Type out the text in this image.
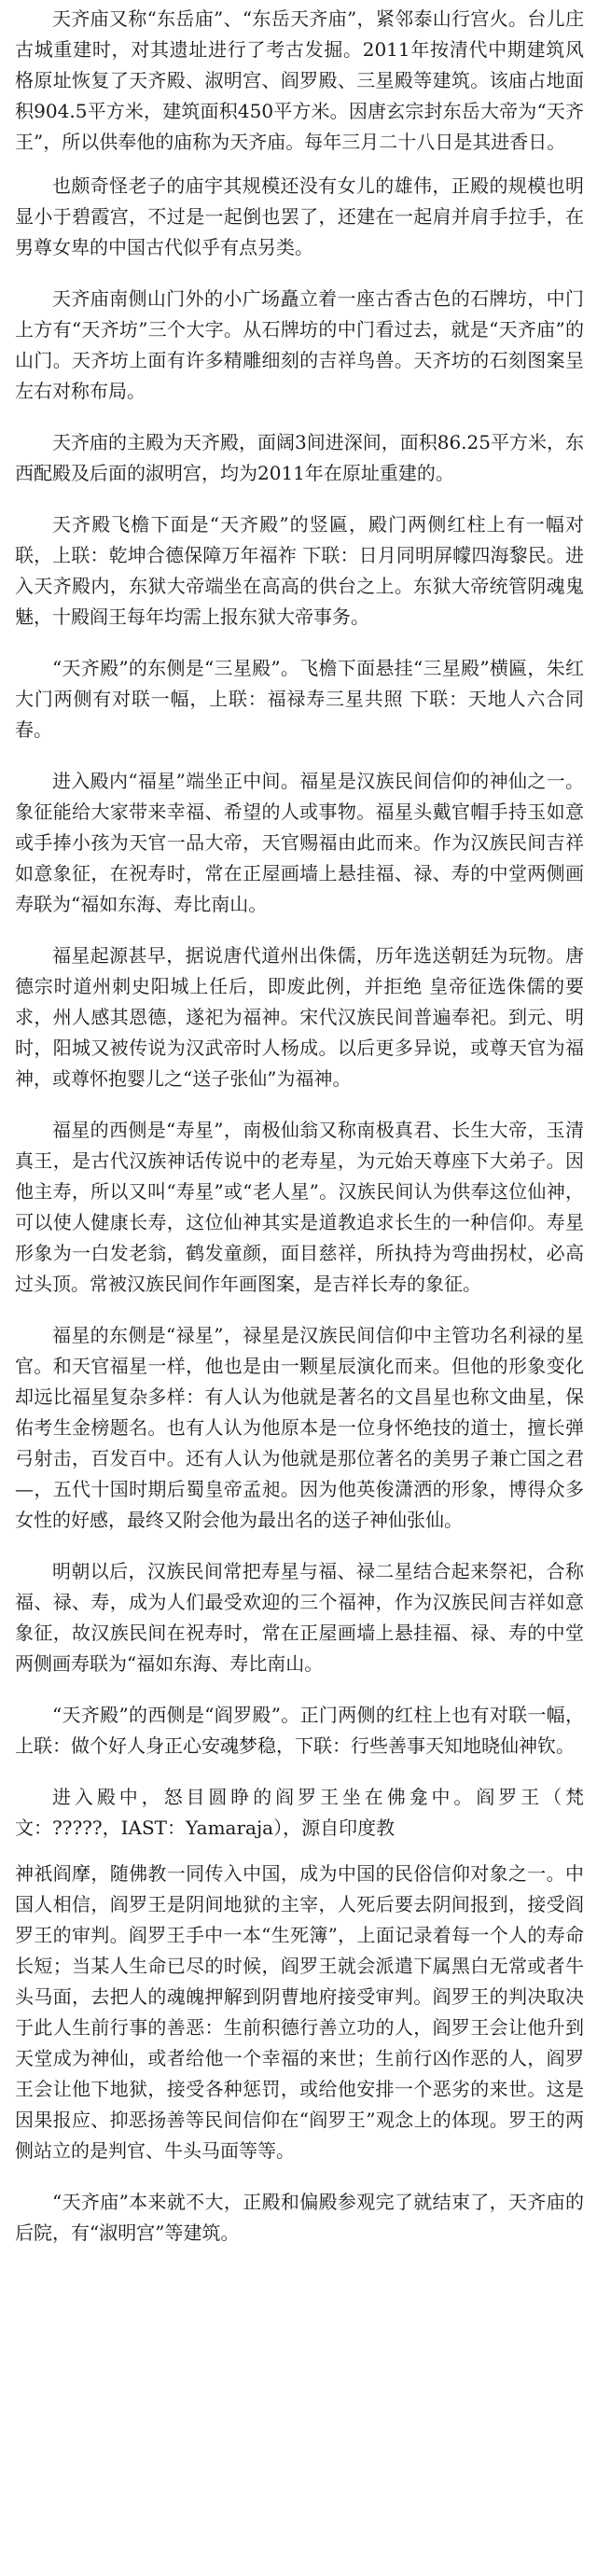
天齐庙又称“东岳庙”、“东岳天齐庙”，紧邻泰山行宫火。台儿庄古城重建时，对其遗址进行了考古发掘。2011年按清代中期建筑风格原址恢复了天齐殿、淑明宫、阎罗殿、三星殿等建筑。该庙占地面积904.5平方米，建筑面积450平方米。因唐玄宗封东岳大帝为“天齐王”，所以供奉他的庙称为天齐庙。每年三月二十八日是其进香日。

也颇奇怪老子的庙宇其规模还没有女儿的雄伟，正殿的规模也明显小于碧霞宫，不过是一起倒也罢了，还建在一起肩并肩手拉手，在男尊女卑的中国古代似乎有点另类。

天齐庙南侧山门外的小广场矗立着一座古香古色的石牌坊，中门上方有“天齐坊”三个大字。从石牌坊的中门看过去，就是“天齐庙”的山门。天齐坊上面有许多精雕细刻的吉祥鸟兽。天齐坊的石刻图案呈左右对称布局。

天齐庙的主殿为天齐殿，面阔3间进深间，面积86.25平方米，东西配殿及后面的淑明宫，均为2011年在原址重建的。

天齐殿飞檐下面是“天齐殿”的竖匾，殿门两侧红柱上有一幅对联，上联：乾坤合德保障万年福祚 下联：日月同明屏幪四海黎民。进入天齐殿内，东狱大帝端坐在高高的供台之上。东狱大帝统管阴魂鬼魅，十殿阎王每年均需上报东狱大帝事务。

“天齐殿”的东侧是“三星殿”。飞檐下面悬挂“三星殿”横匾，朱红大门两侧有对联一幅，上联：福禄寿三星共照 下联：天地人六合同春。

进入殿内“福星”端坐正中间。福星是汉族民间信仰的神仙之一。象征能给大家带来幸福、希望的人或事物。福星头戴官帽手持玉如意或手捧小孩为天官一品大帝，天官赐福由此而来。作为汉族民间吉祥如意象征，在祝寿时，常在正屋画墙上悬挂福、禄、寿的中堂两侧画寿联为“福如东海、寿比南山。

福星起源甚早，据说唐代道州出侏儒，历年选送朝廷为玩物。唐德宗时道州刺史阳城上任后，即废此例，并拒绝 皇帝征选侏儒的要求，州人感其恩德，遂祀为福神。宋代汉族民间普遍奉祀。到元、明时，阳城又被传说为汉武帝时人杨成。以后更多异说，或尊天官为福神，或尊怀抱婴儿之“送子张仙”为福神。

福星的西侧是“寿星”，南极仙翁又称南极真君、长生大帝，玉清真王，是古代汉族神话传说中的老寿星，为元始天尊座下大弟子。因他主寿，所以又叫“寿星”或“老人星”。汉族民间认为供奉这位仙神，可以使人健康长寿，这位仙神其实是道教追求长生的一种信仰。寿星形象为一白发老翁，鹤发童颜，面目慈祥，所执持为弯曲拐杖，必高过头顶。常被汉族民间作年画图案，是吉祥长寿的象征。

福星的东侧是“禄星”，禄星是汉族民间信仰中主管功名利禄的星官。和天官福星一样，他也是由一颗星辰演化而来。但他的形象变化却远比福星复杂多样：有人认为他就是著名的文昌星也称文曲星，保佑考生金榜题名。也有人认为他原本是一位身怀绝技的道士，擅长弹弓射击，百发百中。还有人认为他就是那位著名的美男子兼亡国之君—，五代十国时期后蜀皇帝孟昶。因为他英俊潇洒的形象，博得众多女性的好感，最终又附会他为最出名的送子神仙张仙。

明朝以后，汉族民间常把寿星与福、禄二星结合起来祭祀，合称福、禄、寿，成为人们最受欢迎的三个福神，作为汉族民间吉祥如意象征，故汉族民间在祝寿时，常在正屋画墙上悬挂福、禄、寿的中堂两侧画寿联为“福如东海、寿比南山。

“天齐殿”的西侧是“阎罗殿”。正门两侧的红柱上也有对联一幅，上联：做个好人身正心安魂梦稳，下联：行些善事天知地晓仙神钦。

进入殿中，怒目圆睁的阎罗王坐在佛龛中。阎罗王（梵文：?????，IAST：Yamaraja），源自印度教

神祇阎摩，随佛教一同传入中国，成为中国的民俗信仰对象之一。中国人相信，阎罗王是阴间地狱的主宰，人死后要去阴间报到，接受阎罗王的审判。阎罗王手中一本“生死簿”，上面记录着每一个人的寿命长短；当某人生命已尽的时候，阎罗王就会派遣下属黑白无常或者牛头马面，去把人的魂魄押解到阴曹地府接受审判。阎罗王的判决取决于此人生前行事的善恶：生前积德行善立功的人，阎罗王会让他升到天堂成为神仙，或者给他一个幸福的来世；生前行凶作恶的人，阎罗王会让他下地狱，接受各种惩罚，或给他安排一个恶劣的来世。这是因果报应、抑恶扬善等民间信仰在“阎罗王”观念上的体现。罗王的两侧站立的是判官、牛头马面等等。

“天齐庙”本来就不大，正殿和偏殿参观完了就结束了，天齐庙的后院，有“淑明宫”等建筑。
